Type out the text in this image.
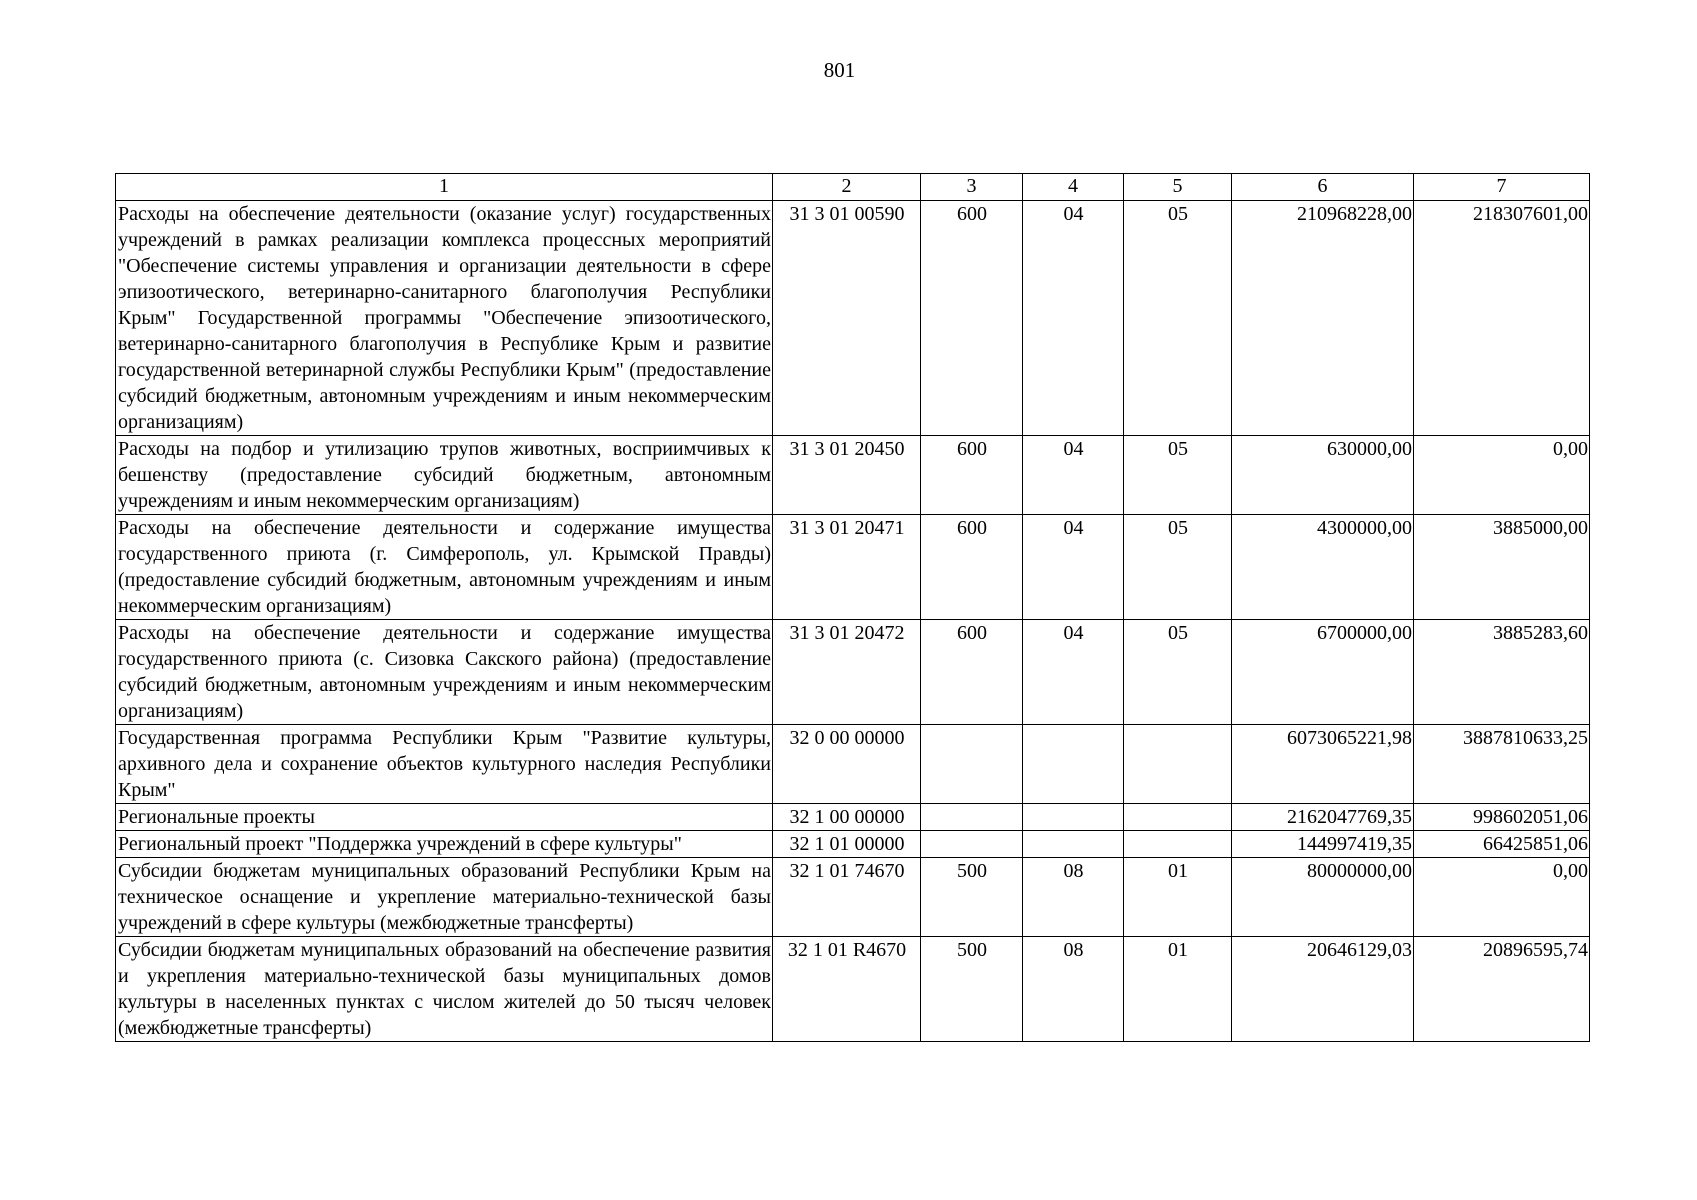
801
1	2	3	4	5	6	7
Расходы на обеспечение деятельности (оказание услуг) государственных учреждений в рамках реализации комплекса процессных мероприятий "Обеспечение системы управления и организации деятельности в сфере эпизоотического, ветеринарно-санитарного благополучия Республики Крым" Государственной программы "Обеспечение эпизоотического, ветеринарно-санитарного благополучия в Республике Крым и развитие государственной ветеринарной службы Республики Крым" (предоставление субсидий бюджетным, автономным учреждениям и иным некоммерческим организациям)	31 3 01 00590	600	04	05	210968228,00	218307601,00
Расходы на подбор и утилизацию трупов животных, восприимчивых к бешенству (предоставление субсидий бюджетным, автономным учреждениям и иным некоммерческим организациям)	31 3 01 20450	600	04	05	630000,00	0,00
Расходы на обеспечение деятельности и содержание имущества государственного приюта (г. Симферополь, ул. Крымской Правды) (предоставление субсидий бюджетным, автономным учреждениям и иным некоммерческим организациям)	31 3 01 20471	600	04	05	4300000,00	3885000,00
Расходы на обеспечение деятельности и содержание имущества государственного приюта (с. Сизовка Сакского района) (предоставление субсидий бюджетным, автономным учреждениям и иным некоммерческим организациям)	31 3 01 20472	600	04	05	6700000,00	3885283,60
Государственная программа Республики Крым "Развитие культуры, архивного дела и сохранение объектов культурного наследия Республики Крым"	32 0 00 00000				6073065221,98	3887810633,25
Региональные проекты	32 1 00 00000				2162047769,35	998602051,06
Региональный проект "Поддержка учреждений в сфере культуры"	32 1 01 00000				144997419,35	66425851,06
Субсидии бюджетам муниципальных образований Республики Крым на техническое оснащение и укрепление материально-технической базы учреждений в сфере культуры (межбюджетные трансферты)	32 1 01 74670	500	08	01	80000000,00	0,00
Субсидии бюджетам муниципальных образований на обеспечение развития и укрепления материально-технической базы муниципальных домов культуры в населенных пунктах с числом жителей до 50 тысяч человек (межбюджетные трансферты)	32 1 01 R4670	500	08	01	20646129,03	20896595,74
